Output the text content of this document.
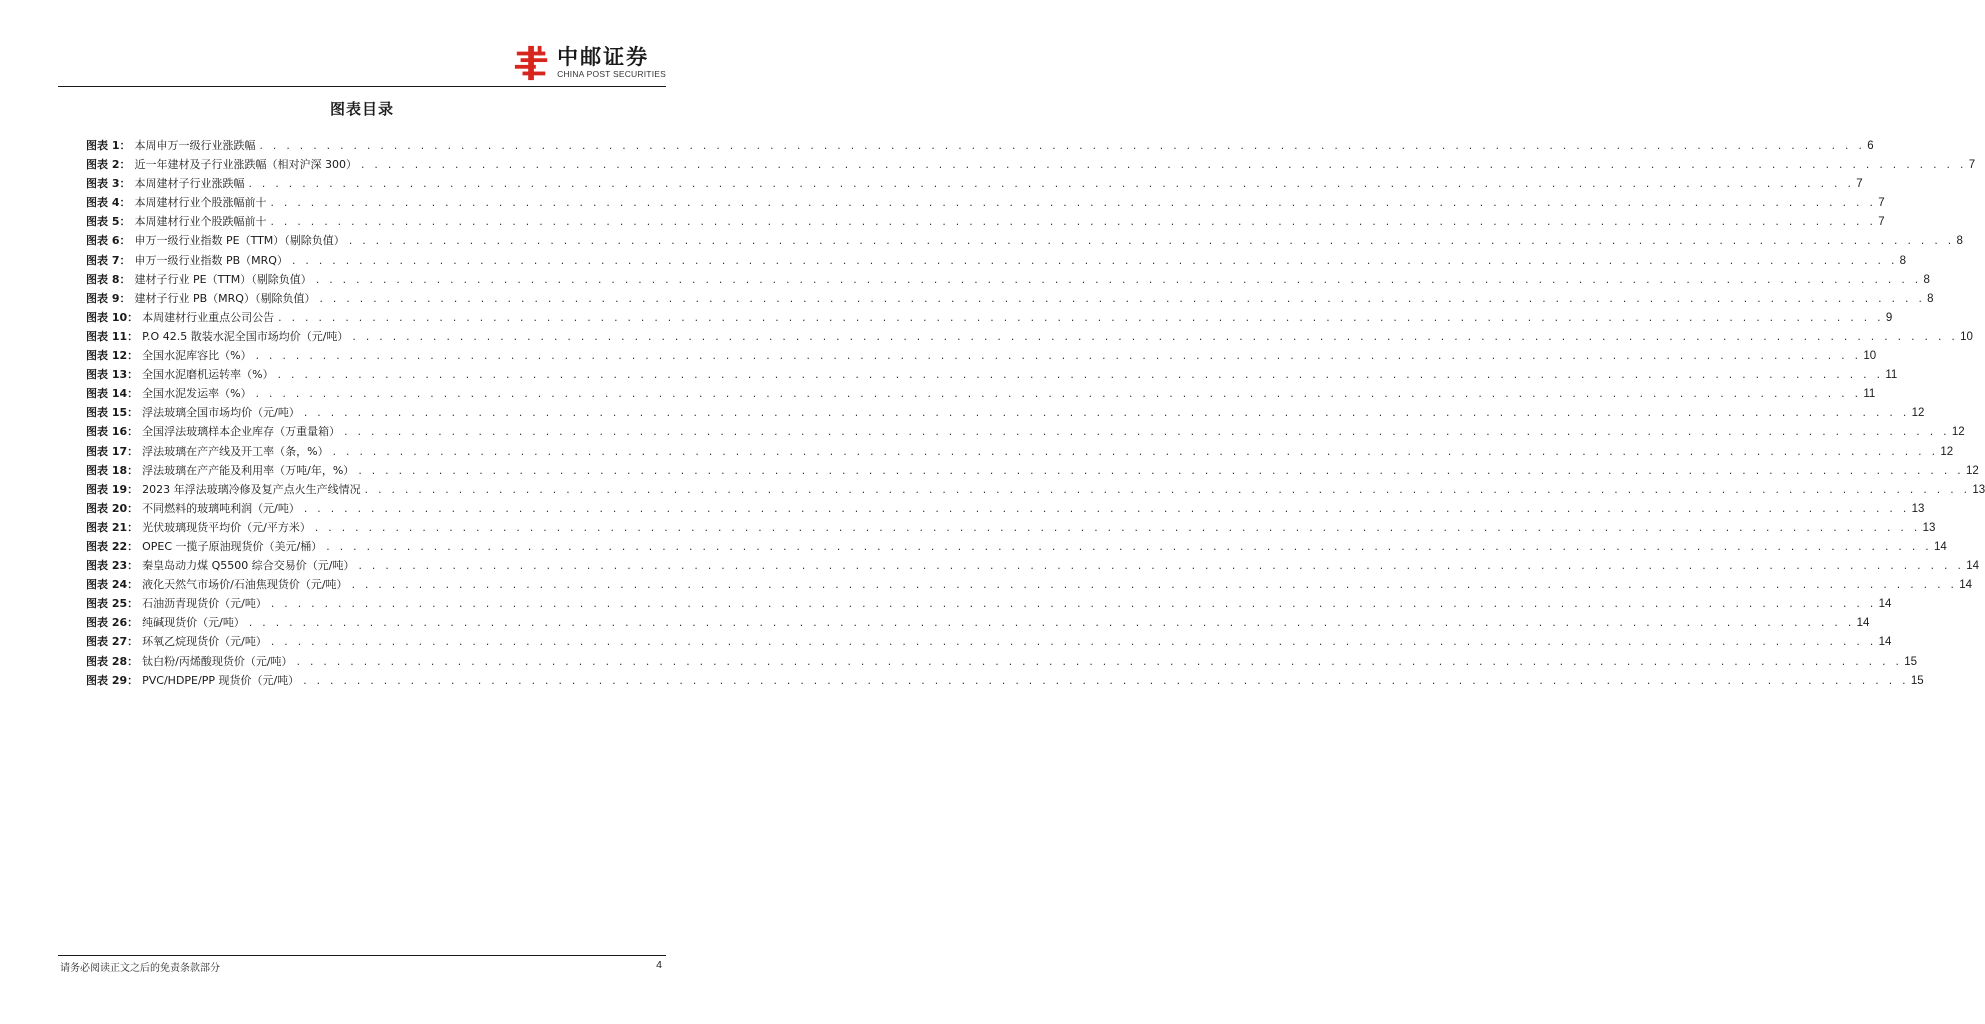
中邮证券
CHINA POST SECURITIES
图表目录
图表 1： 本周申万一级行业涨跌幅 . . . . . . . . . . . . . . . . . . . . . . . . . . . . . . . . . . . . . . . . . . . . . . . . . . . . . . . . . . . . . . . . . . . . . . . . . . . . . . . . . . . . . . . . . . . . . . . . . . . . . . . . . . . . . . . . . . . . . . . . 6
图表 2： 近一年建材及子行业涨跌幅（相对沪深 300） . . . . . . . . . . . . . . . . . . . . . . . . . . . . . . . . . . . . . . . . . . . . . . . . . . . . . . . . . . . . . . . . . . . . . . . . . . . . . . . . . . . . . . . . . . . . . . . . . . . . . . . . . . . . . . . . . . . . . . . . 7
图表 3： 本周建材子行业涨跌幅 . . . . . . . . . . . . . . . . . . . . . . . . . . . . . . . . . . . . . . . . . . . . . . . . . . . . . . . . . . . . . . . . . . . . . . . . . . . . . . . . . . . . . . . . . . . . . . . . . . . . . . . . . . . . . . . . . . . . . . . . 7
图表 4： 本周建材行业个股涨幅前十 . . . . . . . . . . . . . . . . . . . . . . . . . . . . . . . . . . . . . . . . . . . . . . . . . . . . . . . . . . . . . . . . . . . . . . . . . . . . . . . . . . . . . . . . . . . . . . . . . . . . . . . . . . . . . . . . . . . . . . . . 7
图表 5： 本周建材行业个股跌幅前十 . . . . . . . . . . . . . . . . . . . . . . . . . . . . . . . . . . . . . . . . . . . . . . . . . . . . . . . . . . . . . . . . . . . . . . . . . . . . . . . . . . . . . . . . . . . . . . . . . . . . . . . . . . . . . . . . . . . . . . . . 7
图表 6： 申万一级行业指数 PE（TTM）（剔除负值） . . . . . . . . . . . . . . . . . . . . . . . . . . . . . . . . . . . . . . . . . . . . . . . . . . . . . . . . . . . . . . . . . . . . . . . . . . . . . . . . . . . . . . . . . . . . . . . . . . . . . . . . . . . . . . . . . . . . . . . . 8
图表 7： 申万一级行业指数 PB（MRQ） . . . . . . . . . . . . . . . . . . . . . . . . . . . . . . . . . . . . . . . . . . . . . . . . . . . . . . . . . . . . . . . . . . . . . . . . . . . . . . . . . . . . . . . . . . . . . . . . . . . . . . . . . . . . . . . . . . . . . . . . 8
图表 8： 建材子行业 PE（TTM）（剔除负值） . . . . . . . . . . . . . . . . . . . . . . . . . . . . . . . . . . . . . . . . . . . . . . . . . . . . . . . . . . . . . . . . . . . . . . . . . . . . . . . . . . . . . . . . . . . . . . . . . . . . . . . . . . . . . . . . . . . . . . . . 8
图表 9： 建材子行业 PB（MRQ）（剔除负值） . . . . . . . . . . . . . . . . . . . . . . . . . . . . . . . . . . . . . . . . . . . . . . . . . . . . . . . . . . . . . . . . . . . . . . . . . . . . . . . . . . . . . . . . . . . . . . . . . . . . . . . . . . . . . . . . . . . . . . . . 8
图表 10： 本周建材行业重点公司公告 . . . . . . . . . . . . . . . . . . . . . . . . . . . . . . . . . . . . . . . . . . . . . . . . . . . . . . . . . . . . . . . . . . . . . . . . . . . . . . . . . . . . . . . . . . . . . . . . . . . . . . . . . . . . . . . . . . . . . . . . 9
图表 11： P.O 42.5 散装水泥全国市场均价（元/吨） . . . . . . . . . . . . . . . . . . . . . . . . . . . . . . . . . . . . . . . . . . . . . . . . . . . . . . . . . . . . . . . . . . . . . . . . . . . . . . . . . . . . . . . . . . . . . . . . . . . . . . . . . . . . . . . . . . . . . . . . 10
图表 12： 全国水泥库容比（%） . . . . . . . . . . . . . . . . . . . . . . . . . . . . . . . . . . . . . . . . . . . . . . . . . . . . . . . . . . . . . . . . . . . . . . . . . . . . . . . . . . . . . . . . . . . . . . . . . . . . . . . . . . . . . . . . . . . . . . . . 10
图表 13： 全国水泥磨机运转率（%） . . . . . . . . . . . . . . . . . . . . . . . . . . . . . . . . . . . . . . . . . . . . . . . . . . . . . . . . . . . . . . . . . . . . . . . . . . . . . . . . . . . . . . . . . . . . . . . . . . . . . . . . . . . . . . . . . . . . . . . . 11
图表 14： 全国水泥发运率（%） . . . . . . . . . . . . . . . . . . . . . . . . . . . . . . . . . . . . . . . . . . . . . . . . . . . . . . . . . . . . . . . . . . . . . . . . . . . . . . . . . . . . . . . . . . . . . . . . . . . . . . . . . . . . . . . . . . . . . . . . 11
图表 15： 浮法玻璃全国市场均价（元/吨） . . . . . . . . . . . . . . . . . . . . . . . . . . . . . . . . . . . . . . . . . . . . . . . . . . . . . . . . . . . . . . . . . . . . . . . . . . . . . . . . . . . . . . . . . . . . . . . . . . . . . . . . . . . . . . . . . . . . . . . . 12
图表 16： 全国浮法玻璃样本企业库存（万重量箱） . . . . . . . . . . . . . . . . . . . . . . . . . . . . . . . . . . . . . . . . . . . . . . . . . . . . . . . . . . . . . . . . . . . . . . . . . . . . . . . . . . . . . . . . . . . . . . . . . . . . . . . . . . . . . . . . . . . . . . . . 12
图表 17： 浮法玻璃在产产线及开工率（条，%） . . . . . . . . . . . . . . . . . . . . . . . . . . . . . . . . . . . . . . . . . . . . . . . . . . . . . . . . . . . . . . . . . . . . . . . . . . . . . . . . . . . . . . . . . . . . . . . . . . . . . . . . . . . . . . . . . . . . . . . . 12
图表 18： 浮法玻璃在产产能及利用率（万吨/年，%） . . . . . . . . . . . . . . . . . . . . . . . . . . . . . . . . . . . . . . . . . . . . . . . . . . . . . . . . . . . . . . . . . . . . . . . . . . . . . . . . . . . . . . . . . . . . . . . . . . . . . . . . . . . . . . . . . . . . . . . . 12
图表 19： 2023 年浮法玻璃冷修及复产点火生产线情况 . . . . . . . . . . . . . . . . . . . . . . . . . . . . . . . . . . . . . . . . . . . . . . . . . . . . . . . . . . . . . . . . . . . . . . . . . . . . . . . . . . . . . . . . . . . . . . . . . . . . . . . . . . . . . . . . . . . . . . . . 13
图表 20： 不同燃料的玻璃吨利润（元/吨） . . . . . . . . . . . . . . . . . . . . . . . . . . . . . . . . . . . . . . . . . . . . . . . . . . . . . . . . . . . . . . . . . . . . . . . . . . . . . . . . . . . . . . . . . . . . . . . . . . . . . . . . . . . . . . . . . . . . . . . . 13
图表 21： 光伏玻璃现货平均价（元/平方米） . . . . . . . . . . . . . . . . . . . . . . . . . . . . . . . . . . . . . . . . . . . . . . . . . . . . . . . . . . . . . . . . . . . . . . . . . . . . . . . . . . . . . . . . . . . . . . . . . . . . . . . . . . . . . . . . . . . . . . . . 13
图表 22： OPEC 一揽子原油现货价（美元/桶） . . . . . . . . . . . . . . . . . . . . . . . . . . . . . . . . . . . . . . . . . . . . . . . . . . . . . . . . . . . . . . . . . . . . . . . . . . . . . . . . . . . . . . . . . . . . . . . . . . . . . . . . . . . . . . . . . . . . . . . . 14
图表 23： 秦皇岛动力煤 Q5500 综合交易价（元/吨） . . . . . . . . . . . . . . . . . . . . . . . . . . . . . . . . . . . . . . . . . . . . . . . . . . . . . . . . . . . . . . . . . . . . . . . . . . . . . . . . . . . . . . . . . . . . . . . . . . . . . . . . . . . . . . . . . . . . . . . . 14
图表 24： 液化天然气市场价/石油焦现货价（元/吨） . . . . . . . . . . . . . . . . . . . . . . . . . . . . . . . . . . . . . . . . . . . . . . . . . . . . . . . . . . . . . . . . . . . . . . . . . . . . . . . . . . . . . . . . . . . . . . . . . . . . . . . . . . . . . . . . . . . . . . . . 14
图表 25： 石油沥青现货价（元/吨） . . . . . . . . . . . . . . . . . . . . . . . . . . . . . . . . . . . . . . . . . . . . . . . . . . . . . . . . . . . . . . . . . . . . . . . . . . . . . . . . . . . . . . . . . . . . . . . . . . . . . . . . . . . . . . . . . . . . . . . . 14
图表 26： 纯碱现货价（元/吨） . . . . . . . . . . . . . . . . . . . . . . . . . . . . . . . . . . . . . . . . . . . . . . . . . . . . . . . . . . . . . . . . . . . . . . . . . . . . . . . . . . . . . . . . . . . . . . . . . . . . . . . . . . . . . . . . . . . . . . . . 14
图表 27： 环氧乙烷现货价（元/吨） . . . . . . . . . . . . . . . . . . . . . . . . . . . . . . . . . . . . . . . . . . . . . . . . . . . . . . . . . . . . . . . . . . . . . . . . . . . . . . . . . . . . . . . . . . . . . . . . . . . . . . . . . . . . . . . . . . . . . . . . 14
图表 28： 钛白粉/丙烯酸现货价（元/吨） . . . . . . . . . . . . . . . . . . . . . . . . . . . . . . . . . . . . . . . . . . . . . . . . . . . . . . . . . . . . . . . . . . . . . . . . . . . . . . . . . . . . . . . . . . . . . . . . . . . . . . . . . . . . . . . . . . . . . . . . 15
图表 29： PVC/HDPE/PP 现货价（元/吨） . . . . . . . . . . . . . . . . . . . . . . . . . . . . . . . . . . . . . . . . . . . . . . . . . . . . . . . . . . . . . . . . . . . . . . . . . . . . . . . . . . . . . . . . . . . . . . . . . . . . . . . . . . . . . . . . . . . . . . . . 15
请务必阅读正文之后的免责条款部分	4
